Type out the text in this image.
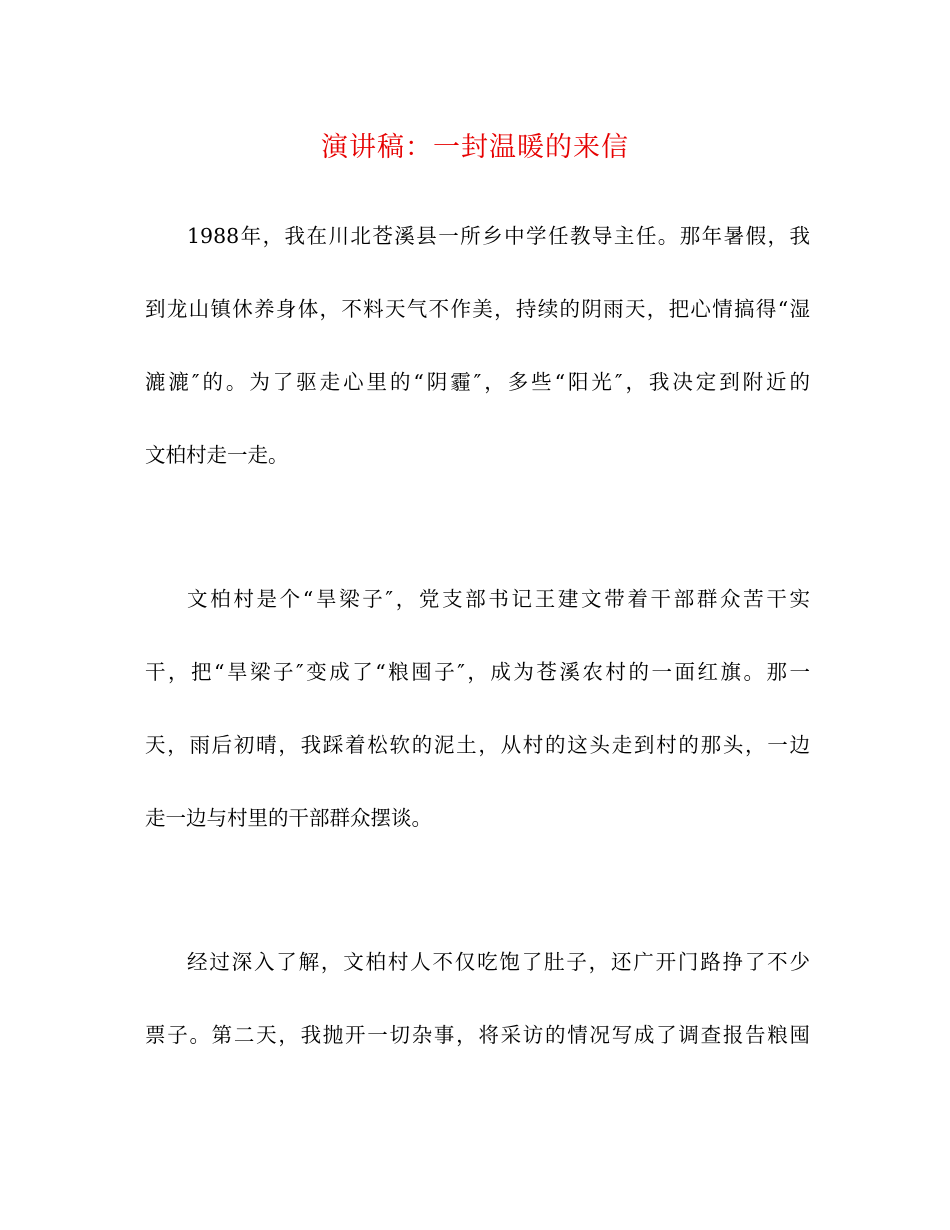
演讲稿：一封温暖的来信
1988年，我在川北苍溪县一所乡中学任教导主任。那年暑假，我
到龙山镇休养身体，不料天气不作美，持续的阴雨天，把心情搞得“湿
漉漉″的。为了驱走心里的“阴霾″，多些“阳光″，我决定到附近的
文柏村走一走。
文柏村是个“旱梁子″，党支部书记王建文带着干部群众苦干实
干，把“旱梁子″变成了“粮囤子″，成为苍溪农村的一面红旗。那一
天，雨后初晴，我踩着松软的泥土，从村的这头走到村的那头，一边
走一边与村里的干部群众摆谈。
经过深入了解，文柏村人不仅吃饱了肚子，还广开门路挣了不少
票子。第二天，我抛开一切杂事，将采访的情况写成了调查报告粮囤
